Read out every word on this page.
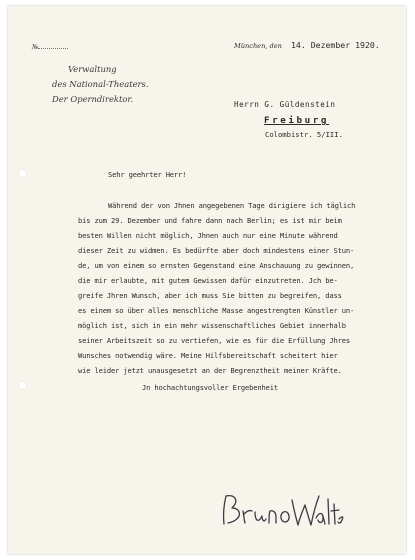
№	München, den 14. Dezember 1920.
Verwaltung
des National-Theaters.
Der Operndirektor.
Herrn G. Güldenstein
Freiburg
Colombistr. 5/III.
Sehr geehrter Herr!
Während der von Jhnen angegebenen Tage dirigiere ich täglich
bis zum 29. Dezember und fahre dann nach Berlin; es ist mir beim
besten Willen nicht möglich, Jhnen auch nur eine Minute während
dieser Zeit zu widmen. Es bedürfte aber doch mindestens einer Stun-
de, um von einem so ernsten Gegenstand eine Anschauung zu gewinnen,
die mir erlaubte, mit gutem Gewissen dafür einzutreten. Jch be-
greife Jhren Wunsch, aber ich muss Sie bitten zu begreifen, dass
es einem so über alles menschliche Masse angestrengten Künstler un-
möglich ist, sich in ein mehr wissenschaftliches Gebiet innerhalb
seiner Arbeitszeit so zu vertiefen, wie es für die Erfüllung Jhres
Wunsches notwendig wäre. Meine Hilfsbereitschaft scheitert hier
wie leider jetzt unausgesetzt an der Begrenztheit meiner Kräfte.
Jn hochachtungsvoller Ergebenheit
